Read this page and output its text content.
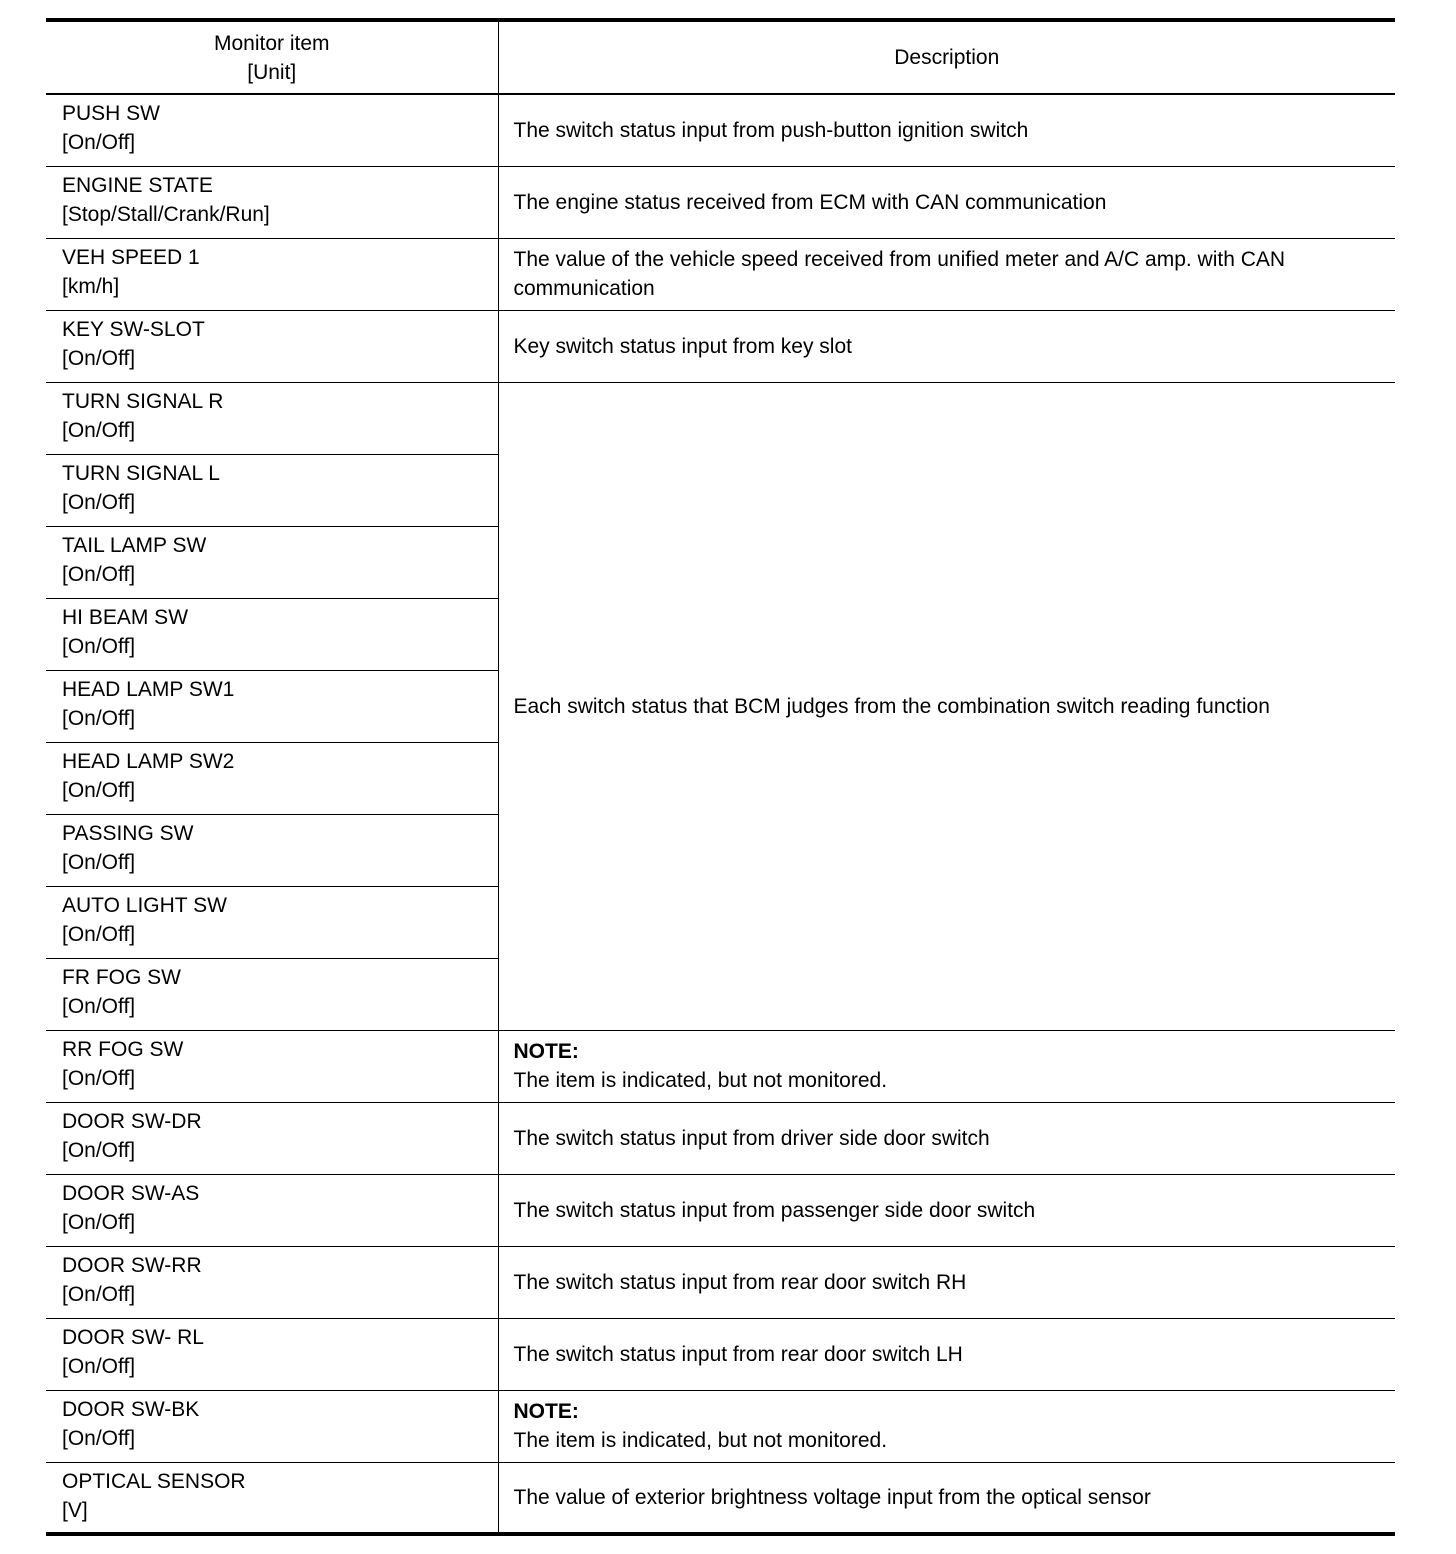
Monitor item
[Unit]	Description

PUSH SW
[On/Off]	The switch status input from push-button ignition switch

ENGINE STATE
[Stop/Stall/Crank/Run]	The engine status received from ECM with CAN communication

VEH SPEED 1
[km/h]	The value of the vehicle speed received from unified meter and A/C amp. with CAN communication

KEY SW-SLOT
[On/Off]	Key switch status input from key slot

TURN SIGNAL R
[On/Off]	Each switch status that BCM judges from the combination switch reading function

TURN SIGNAL L
[On/Off]	

TAIL LAMP SW
[On/Off]	

HI BEAM SW
[On/Off]	

HEAD LAMP SW1
[On/Off]	

HEAD LAMP SW2
[On/Off]	

PASSING SW
[On/Off]	

AUTO LIGHT SW
[On/Off]	

FR FOG SW
[On/Off]	

RR FOG SW
[On/Off]	NOTE:
The item is indicated, but not monitored.

DOOR SW-DR
[On/Off]	The switch status input from driver side door switch

DOOR SW-AS
[On/Off]	The switch status input from passenger side door switch

DOOR SW-RR
[On/Off]	The switch status input from rear door switch RH

DOOR SW- RL
[On/Off]	The switch status input from rear door switch LH

DOOR SW-BK
[On/Off]	NOTE:
The item is indicated, but not monitored.

OPTICAL SENSOR
[V]	The value of exterior brightness voltage input from the optical sensor
